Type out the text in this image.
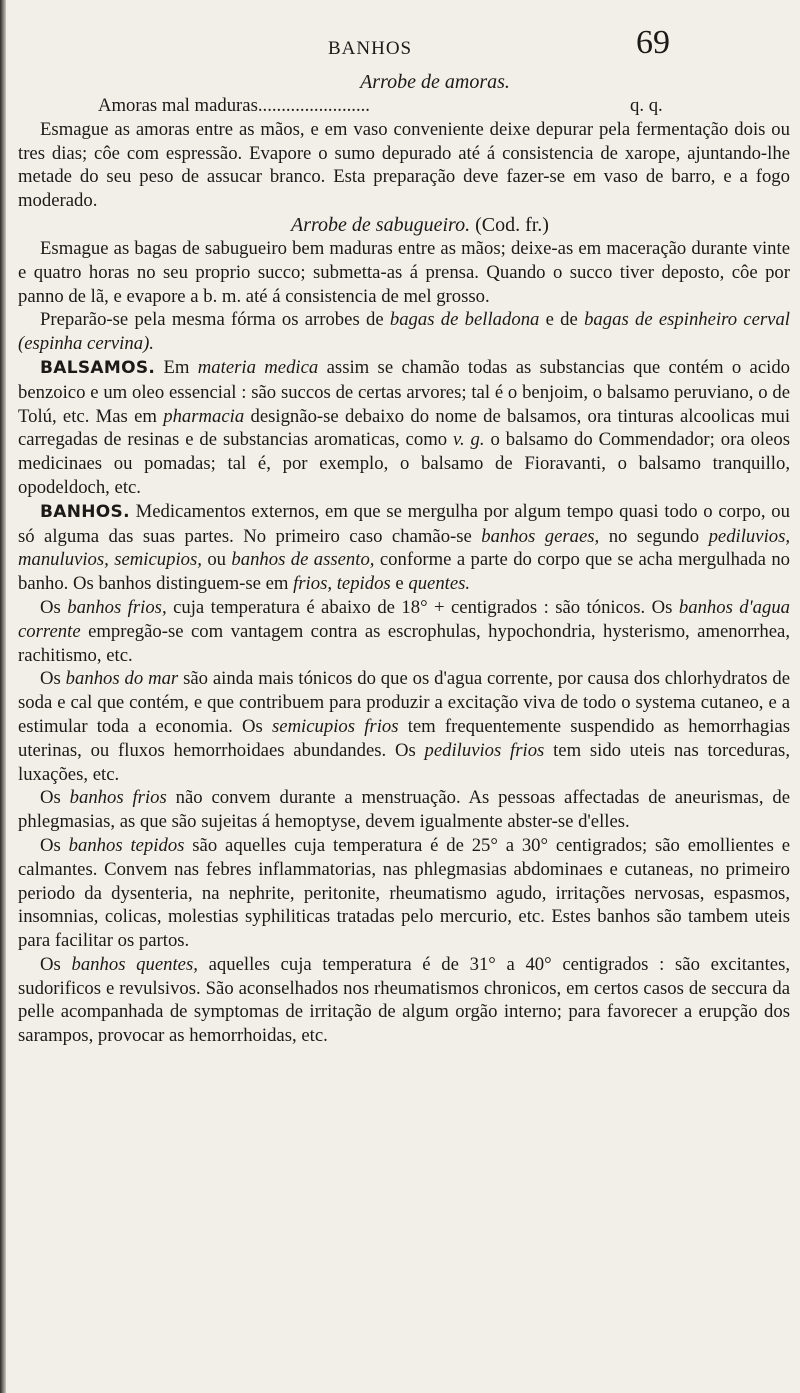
BANHOS	69

Arrobe de amoras.

Amoras mal maduras........................	q. q.

Esmague as amoras entre as mãos, e em vaso conveniente deixe depurar pela fermentação dois ou tres dias; côe com espressão. Evapore o sumo depurado até á consistencia de xarope, ajuntando-lhe metade do seu peso de assucar branco. Esta preparação deve fazer-se em vaso de barro, e a fogo moderado.

Arrobe de sabugueiro. (Cod. fr.)

Esmague as bagas de sabugueiro bem maduras entre as mãos; deixe-as em maceração durante vinte e quatro horas no seu proprio succo; submetta-as á prensa. Quando o succo tiver deposto, côe por panno de lã, e evapore a b. m. até á consistencia de mel grosso.

Preparão-se pela mesma fórma os arrobes de bagas de belladona e de bagas de espinheiro cerval (espinha cervina).

BALSAMOS. Em materia medica assim se chamão todas as substancias que contém o acido benzoico e um oleo essencial : são succos de certas arvores; tal é o benjoim, o balsamo peruviano, o de Tolú, etc. Mas em pharmacia designão-se debaixo do nome de balsamos, ora tinturas alcoolicas mui carregadas de resinas e de substancias aromaticas, como v. g. o balsamo do Commendador; ora oleos medicinaes ou pomadas; tal é, por exemplo, o balsamo de Fioravanti, o balsamo tranquillo, opodeldoch, etc.

BANHOS. Medicamentos externos, em que se mergulha por algum tempo quasi todo o corpo, ou só alguma das suas partes. No primeiro caso chamão-se banhos geraes, no segundo pediluvios, manuluvios, semicupios, ou banhos de assento, conforme a parte do corpo que se acha mergulhada no banho. Os banhos distinguem-se em frios, tepidos e quentes.

Os banhos frios, cuja temperatura é abaixo de 18° + centigrados : são tónicos. Os banhos d'agua corrente empregão-se com vantagem contra as escrophulas, hypochondria, hysterismo, amenorrhea, rachitismo, etc.

Os banhos do mar são ainda mais tónicos do que os d'agua corrente, por causa dos chlorhydratos de soda e cal que contém, e que contribuem para produzir a excitação viva de todo o systema cutaneo, e a estimular toda a economia. Os semicupios frios tem frequentemente suspendido as hemorrhagias uterinas, ou fluxos hemorrhoidaes abundandes. Os pediluvios frios tem sido uteis nas torceduras, luxações, etc.

Os banhos frios não convem durante a menstruação. As pessoas affectadas de aneurismas, de phlegmasias, as que são sujeitas á hemoptyse, devem igualmente abster-se d'elles.

Os banhos tepidos são aquelles cuja temperatura é de 25° a 30° centigrados; são emollientes e calmantes. Convem nas febres inflammatorias, nas phlegmasias abdominaes e cutaneas, no primeiro periodo da dysenteria, na nephrite, peritonite, rheumatismo agudo, irritações nervosas, espasmos, insomnias, colicas, molestias syphiliticas tratadas pelo mercurio, etc. Estes banhos são tambem uteis para facilitar os partos.

Os banhos quentes, aquelles cuja temperatura é de 31° a 40° centigrados : são excitantes, sudorificos e revulsivos. São aconselhados nos rheumatismos chronicos, em certos casos de seccura da pelle acompanhada de symptomas de irritação de algum orgão interno; para favorecer a erupção dos sarampos, provocar as hemorrhoidas, etc.
